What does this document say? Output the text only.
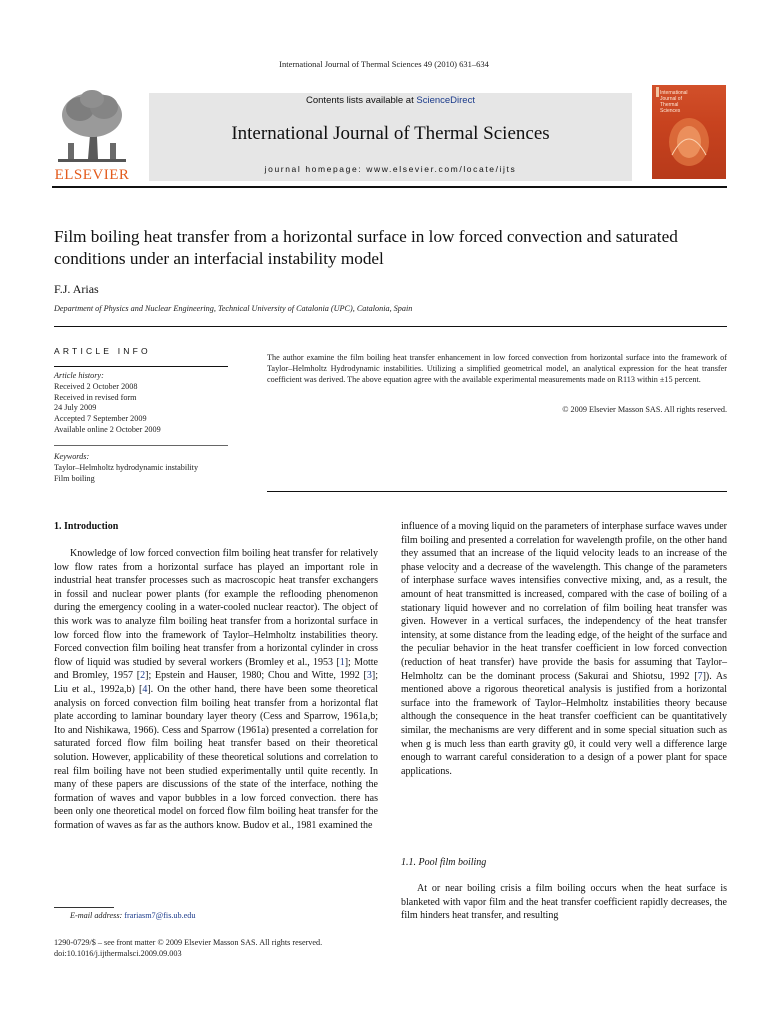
International Journal of Thermal Sciences 49 (2010) 631–634
ELSEVIER
Contents lists available at ScienceDirect
International Journal of Thermal Sciences
journal homepage: www.elsevier.com/locate/ijts
International
Journal of
Thermal
Sciences
Film boiling heat transfer from a horizontal surface in low forced convection and saturated conditions under an interfacial instability model
F.J. Arias
Department of Physics and Nuclear Engineering, Technical University of Catalonia (UPC), Catalonia, Spain
ARTICLE INFO
Article history:
Received 2 October 2008
Received in revised form
24 July 2009
Accepted 7 September 2009
Available online 2 October 2009
Keywords:
Taylor–Helmholtz hydrodynamic instability
Film boiling
The author examine the film boiling heat transfer enhancement in low forced convection from horizontal surface into the framework of Taylor–Helmholtz Hydrodynamic instabilities. Utilizing a simplified geometrical model, an analytical expression for the heat transfer coefficient was derived. The above equation agree with the available experimental measurements made on R113 within ±15 percent.
© 2009 Elsevier Masson SAS. All rights reserved.
1. Introduction

Knowledge of low forced convection film boiling heat transfer for relatively low flow rates from a horizontal surface has played an important role in industrial heat transfer processes such as macroscopic heat transfer exchangers in fossil and nuclear power plants (for example the reflooding phenomenon during the emergency cooling in a water-cooled nuclear reactor). The object of this work was to analyze film boiling heat transfer from a horizontal surface in low forced flow into the framework of Taylor–Helmholtz instabilities theory. Forced convection film boiling heat transfer from a horizontal cylinder in cross flow of liquid was studied by several workers (Bromley et al., 1953 [1]; Motte and Bromley, 1957 [2]; Epstein and Hauser, 1980; Chou and Witte, 1992 [3]; Liu et al., 1992a,b) [4]. On the other hand, there have been some theoretical analysis on forced convection film boiling heat transfer from a horizontal flat plate according to laminar boundary layer theory (Cess and Sparrow, 1961a,b; Ito and Nishikawa, 1966). Cess and Sparrow (1961a) presented a correlation for saturated forced flow film boiling heat transfer based on their theoretical solution. However, applicability of these theoretical solutions and correlation to real film boiling have not been studied experimentally until quite recently. In many of these papers are discussions of the state of the interface, nothing the formation of waves and vapor bubbles in a low forced convection. there has been only one theoretical model on forced flow film boiling heat transfer for the formation of waves as far as the authors know. Budov et al., 1981 examined the

influence of a moving liquid on the parameters of interphase surface waves under film boiling and presented a correlation for wavelength profile, on the other hand they assumed that an increase of the liquid velocity leads to an increase of the phase velocity and a decrease of the wavelength. This change of the parameters of interphase surface waves intensifies convective mixing, and, as a result, the amount of heat transmitted is increased, compared with the case of boiling of a stationary liquid however and no correlation of film boiling heat transfer was given. However in a vertical surfaces, the independency of the heat transfer intensity, at some distance from the leading edge, of the height of the surface and the peculiar behavior in the heat transfer coefficient in low forced convection (reduction of heat transfer) have provide the basis for assuming that Taylor–Helmholtz can be the dominant process (Sakurai and Shiotsu, 1992 [7]). As mentioned above a rigorous theoretical analysis is justified from a horizontal surface into the framework of Taylor–Helmholtz instabilities theory because although the consequence in the heat transfer coefficient can be quantitatively similar, the mechanisms are very different and in some special situation such as when g is much less than earth gravity g0, it could very well a difference large enough to warrant careful consideration to a design of a power plant for space applications.

1.1. Pool film boiling

At or near boiling crisis a film boiling occurs when the heat surface is blanketed with vapor film and the heat transfer coefficient rapidly decreases, the film hinders heat transfer, and resulting

E-mail address: frariasm7@fis.ub.edu
1290-0729/$ – see front matter © 2009 Elsevier Masson SAS. All rights reserved.
doi:10.1016/j.ijthermalsci.2009.09.003
